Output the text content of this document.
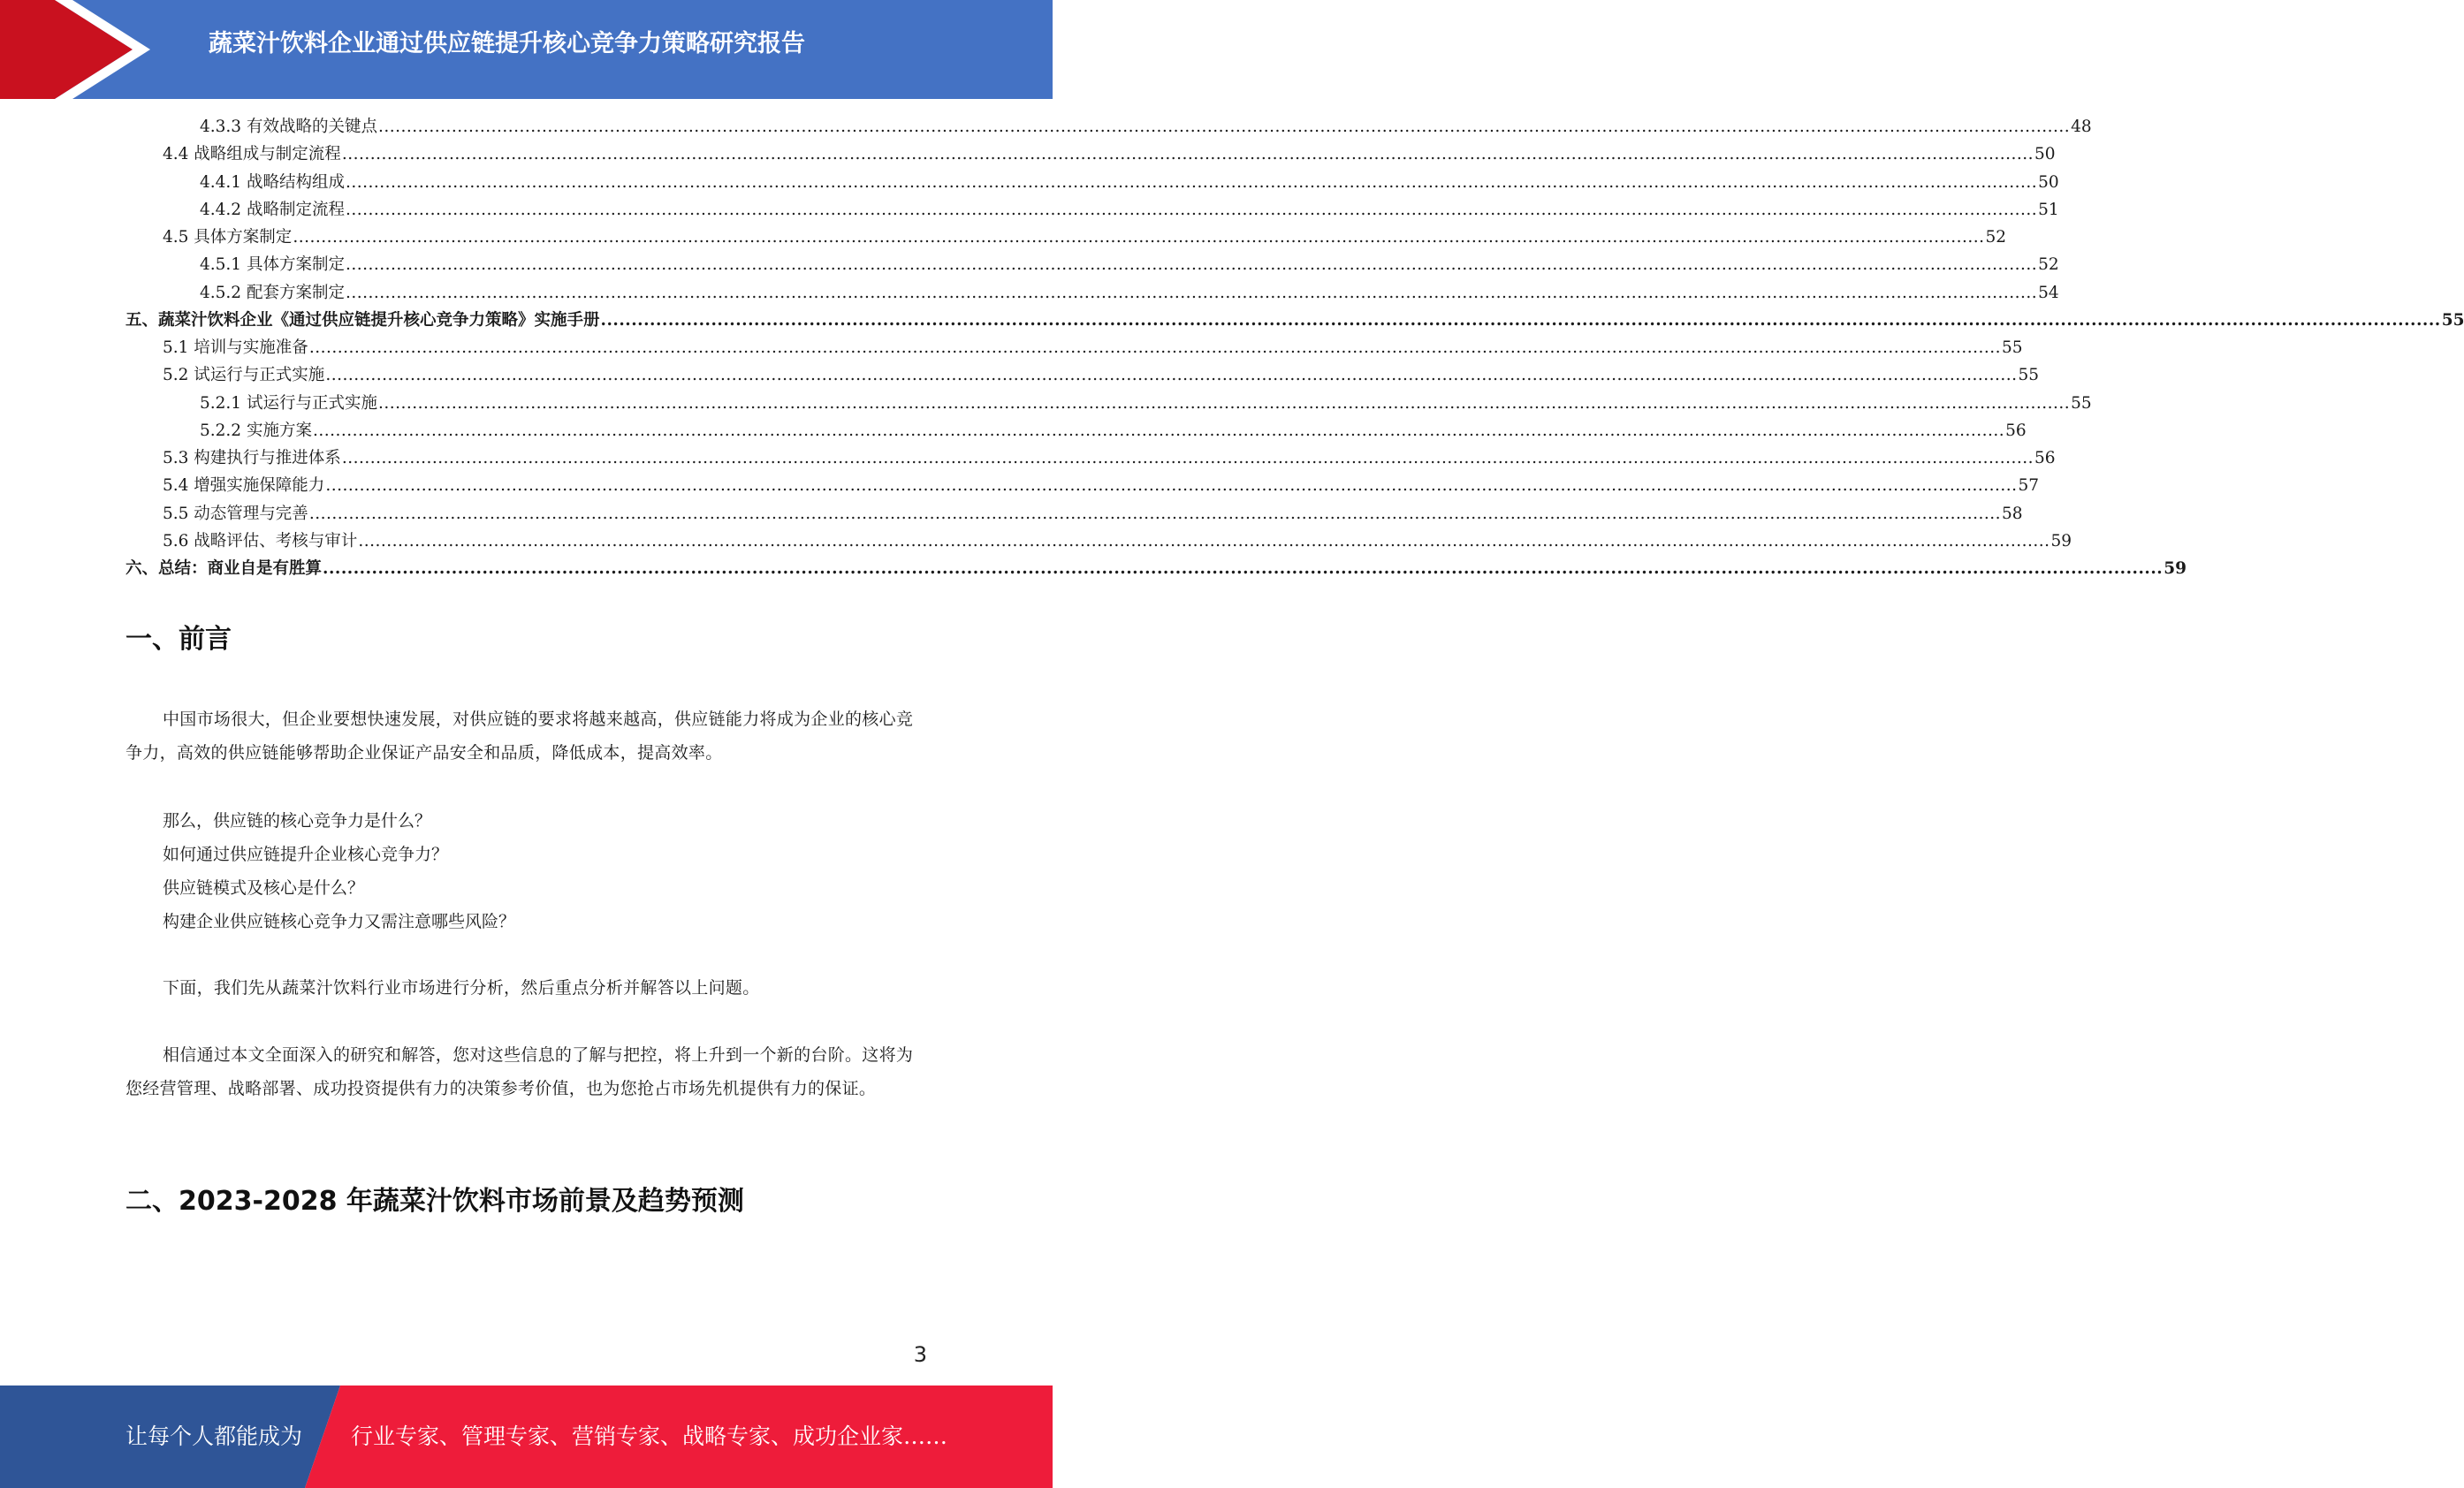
蔬菜汁饮料企业通过供应链提升核心竞争力策略研究报告
4.3.3 有效战略的关键点 ............................................................................................................................................................................................................................................................................................................ 48
4.4 战略组成与制定流程 ............................................................................................................................................................................................................................................................................................................ 50
4.4.1 战略结构组成 ............................................................................................................................................................................................................................................................................................................ 50
4.4.2 战略制定流程 ............................................................................................................................................................................................................................................................................................................ 51
4.5 具体方案制定 ............................................................................................................................................................................................................................................................................................................ 52
4.5.1 具体方案制定 ............................................................................................................................................................................................................................................................................................................ 52
4.5.2 配套方案制定 ............................................................................................................................................................................................................................................................................................................ 54
五、蔬菜汁饮料企业《通过供应链提升核心竞争力策略》实施手册 ............................................................................................................................................................................................................................................................................................................ 55
5.1 培训与实施准备 ............................................................................................................................................................................................................................................................................................................ 55
5.2 试运行与正式实施 ............................................................................................................................................................................................................................................................................................................ 55
5.2.1 试运行与正式实施 ............................................................................................................................................................................................................................................................................................................ 55
5.2.2 实施方案 ............................................................................................................................................................................................................................................................................................................ 56
5.3 构建执行与推进体系 ............................................................................................................................................................................................................................................................................................................ 56
5.4 增强实施保障能力 ............................................................................................................................................................................................................................................................................................................ 57
5.5 动态管理与完善 ............................................................................................................................................................................................................................................................................................................ 58
5.6 战略评估、考核与审计 ............................................................................................................................................................................................................................................................................................................ 59
六、总结：商业自是有胜算 ............................................................................................................................................................................................................................................................................................................ 59
一、前言

中国市场很大，但企业要想快速发展，对供应链的要求将越来越高，供应链能力将成为企业的核心竞争力，高效的供应链能够帮助企业保证产品安全和品质，降低成本，提高效率。

那么，供应链的核心竞争力是什么？
如何通过供应链提升企业核心竞争力？
供应链模式及核心是什么？
构建企业供应链核心竞争力又需注意哪些风险？

下面，我们先从蔬菜汁饮料行业市场进行分析，然后重点分析并解答以上问题。

相信通过本文全面深入的研究和解答，您对这些信息的了解与把控，将上升到一个新的台阶。这将为您经营管理、战略部署、成功投资提供有力的决策参考价值，也为您抢占市场先机提供有力的保证。

二、2023-2028 年蔬菜汁饮料市场前景及趋势预测
3
让每个人都能成为 行业专家、管理专家、营销专家、战略专家、成功企业家……
